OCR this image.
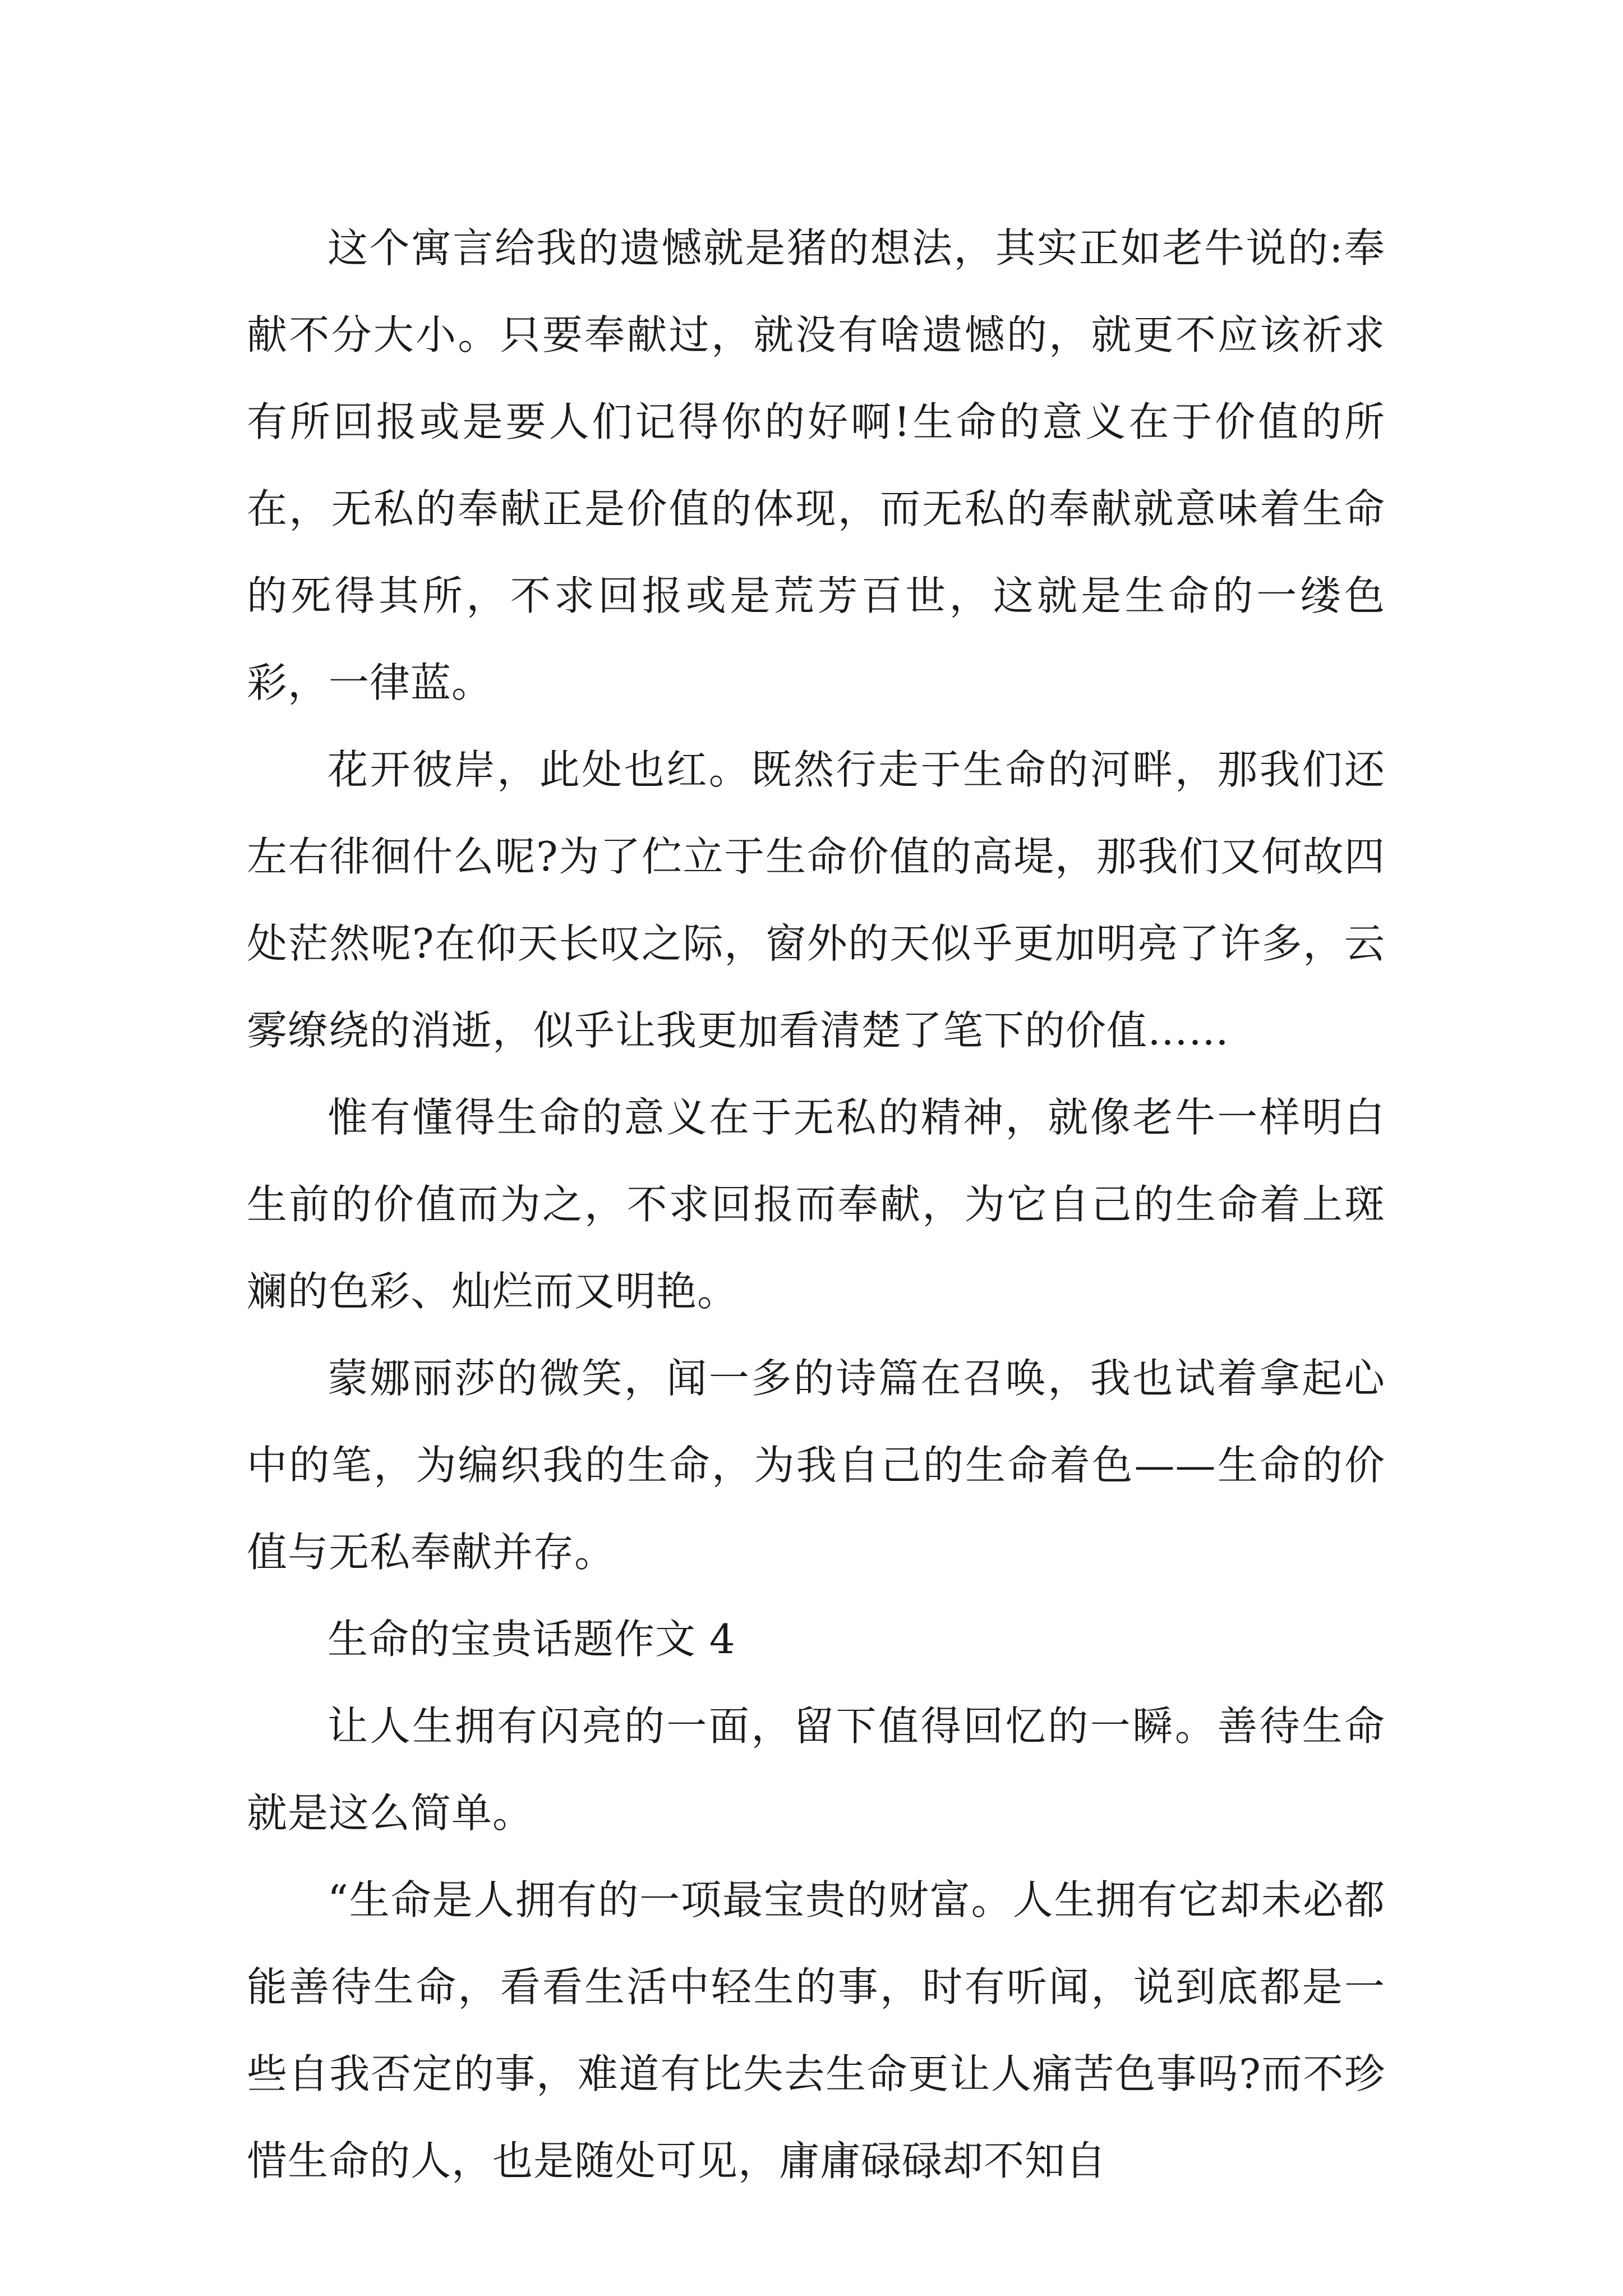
这个寓言给我的遗憾就是猪的想法，其实正如老牛说的:奉献不分大小。只要奉献过，就没有啥遗憾的，就更不应该祈求有所回报或是要人们记得你的好啊!生命的意义在于价值的所在，无私的奉献正是价值的体现，而无私的奉献就意味着生命的死得其所，不求回报或是荒芳百世，这就是生命的一缕色彩，一律蓝。

花开彼岸，此处也红。既然行走于生命的河畔，那我们还左右徘徊什么呢?为了伫立于生命价值的高堤，那我们又何故四处茫然呢?在仰天长叹之际，窗外的天似乎更加明亮了许多，云雾缭绕的消逝，似乎让我更加看清楚了笔下的价值……

惟有懂得生命的意义在于无私的精神，就像老牛一样明白生前的价值而为之，不求回报而奉献，为它自己的生命着上斑斓的色彩、灿烂而又明艳。

蒙娜丽莎的微笑，闻一多的诗篇在召唤，我也试着拿起心中的笔，为编织我的生命，为我自己的生命着色——生命的价值与无私奉献并存。

生命的宝贵话题作文 4

让人生拥有闪亮的一面，留下值得回忆的一瞬。善待生命就是这么简单。

“生命是人拥有的一项最宝贵的财富。人生拥有它却未必都能善待生命，看看生活中轻生的事，时有听闻，说到底都是一些自我否定的事，难道有比失去生命更让人痛苦色事吗?而不珍惜生命的人，也是随处可见，庸庸碌碌却不知自
